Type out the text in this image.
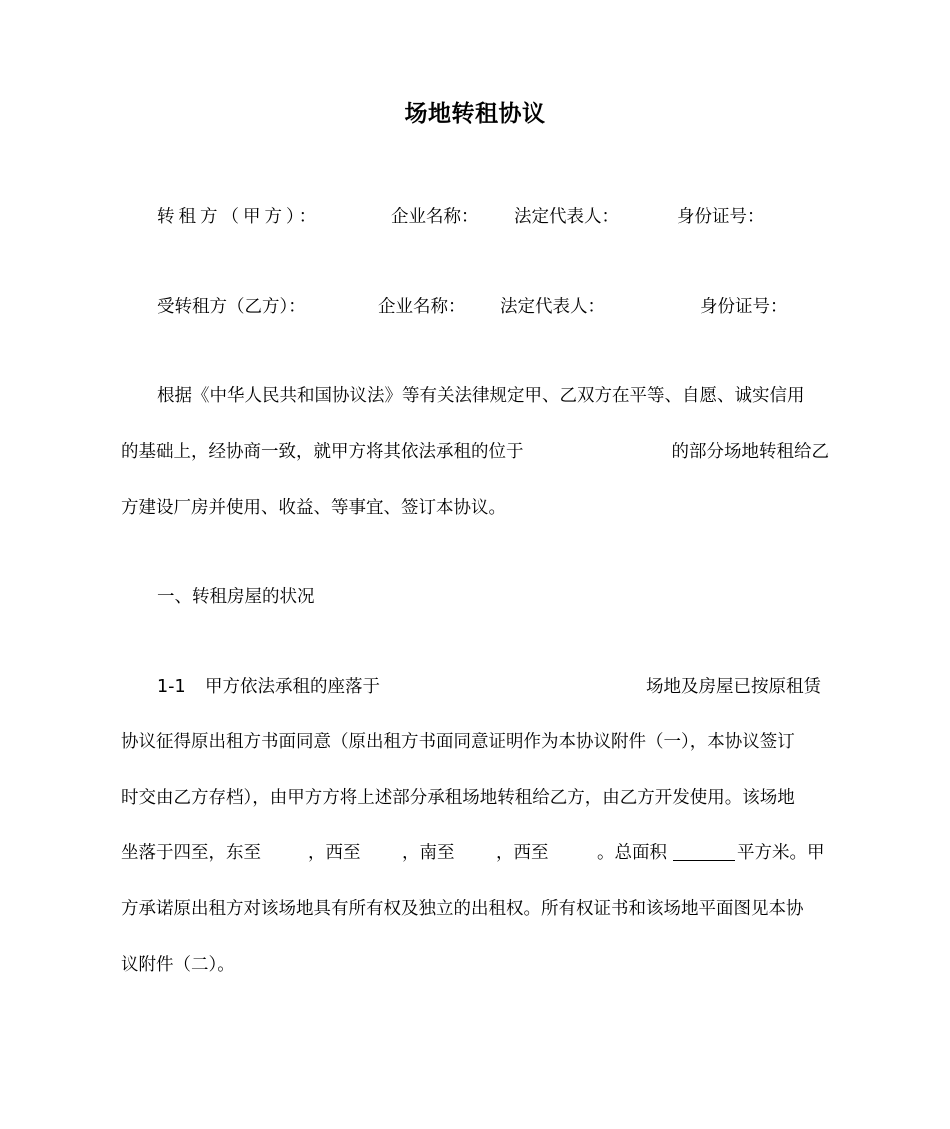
场地转租协议
转租方（甲方）：	企业名称： 法定代表人：	身份证号：
受转租方（乙方）：	企业名称： 法定代表人：	身份证号：
根据《中华人民共和国协议法》等有关法律规定甲、乙双方在平等、自愿、诚实信用
的基础上，经协商一致，就甲方将其依法承租的位于	的部分场地转租给乙
方建设厂房并使用、收益、等事宜、签订本协议。
一、转租房屋的状况
1-1 甲方依法承租的座落于	场地及房屋已按原租赁
协议征得原出租方书面同意（原出租方书面同意证明作为本协议附件（一），本协议签订
时交由乙方存档），由甲方方将上述部分承租场地转租给乙方，由乙方开发使用。该场地
坐落于四至，东至	，西至 ，南至 ，西至	。总面积	平方米。甲
方承诺原出租方对该场地具有所有权及独立的出租权。所有权证书和该场地平面图见本协
议附件（二）。
